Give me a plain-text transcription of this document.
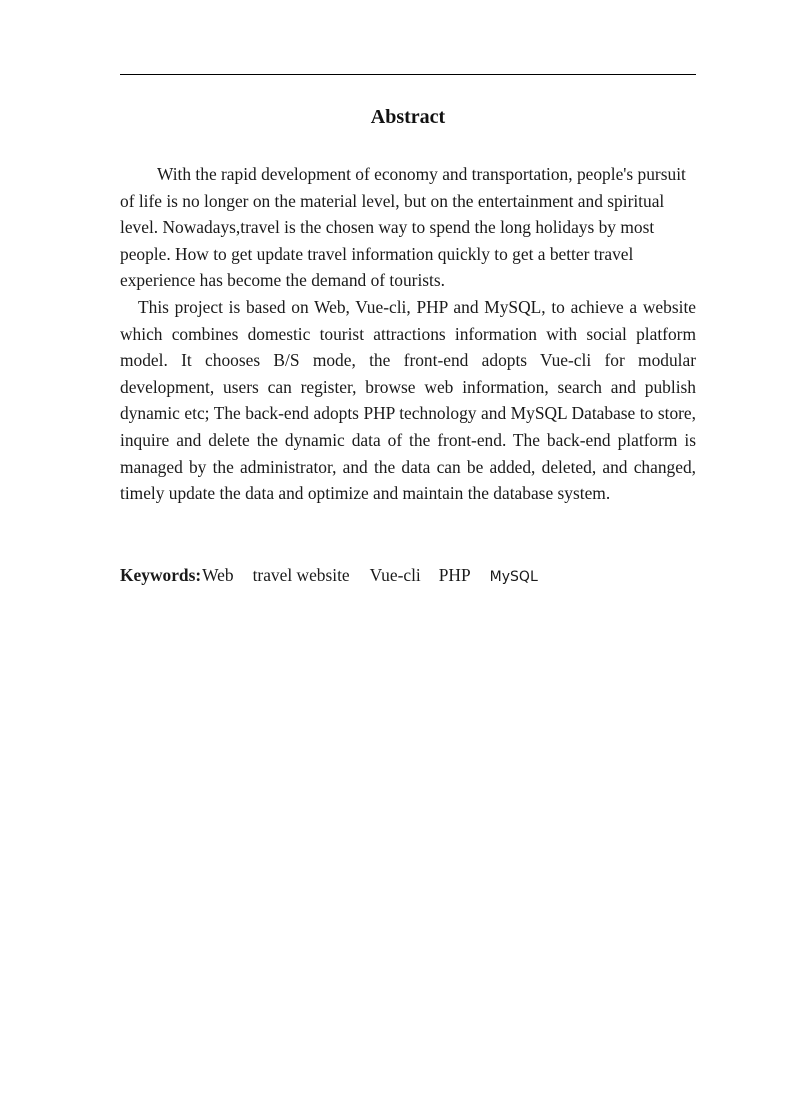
Abstract

With the rapid development of economy and transportation, people's pursuit of life is no longer on the material level, but on the entertainment and spiritual level. Nowadays,travel is the chosen way to spend the long holidays by most people. How to get update travel information quickly to get a better travel experience has become the demand of tourists.

This project is based on Web, Vue-cli, PHP and MySQL, to achieve a website which combines domestic tourist attractions information with social platform model. It chooses B/S mode, the front-end adopts Vue-cli for modular development, users can register, browse web information, search and publish dynamic etc; The back-end adopts PHP technology and MySQL Database to store, inquire and delete the dynamic data of the front-end. The back-end platform is managed by the administrator, and the data can be added, deleted, and changed, timely update the data and optimize and maintain the database system.

Keywords:Web travel website Vue-cli PHP MySQL
